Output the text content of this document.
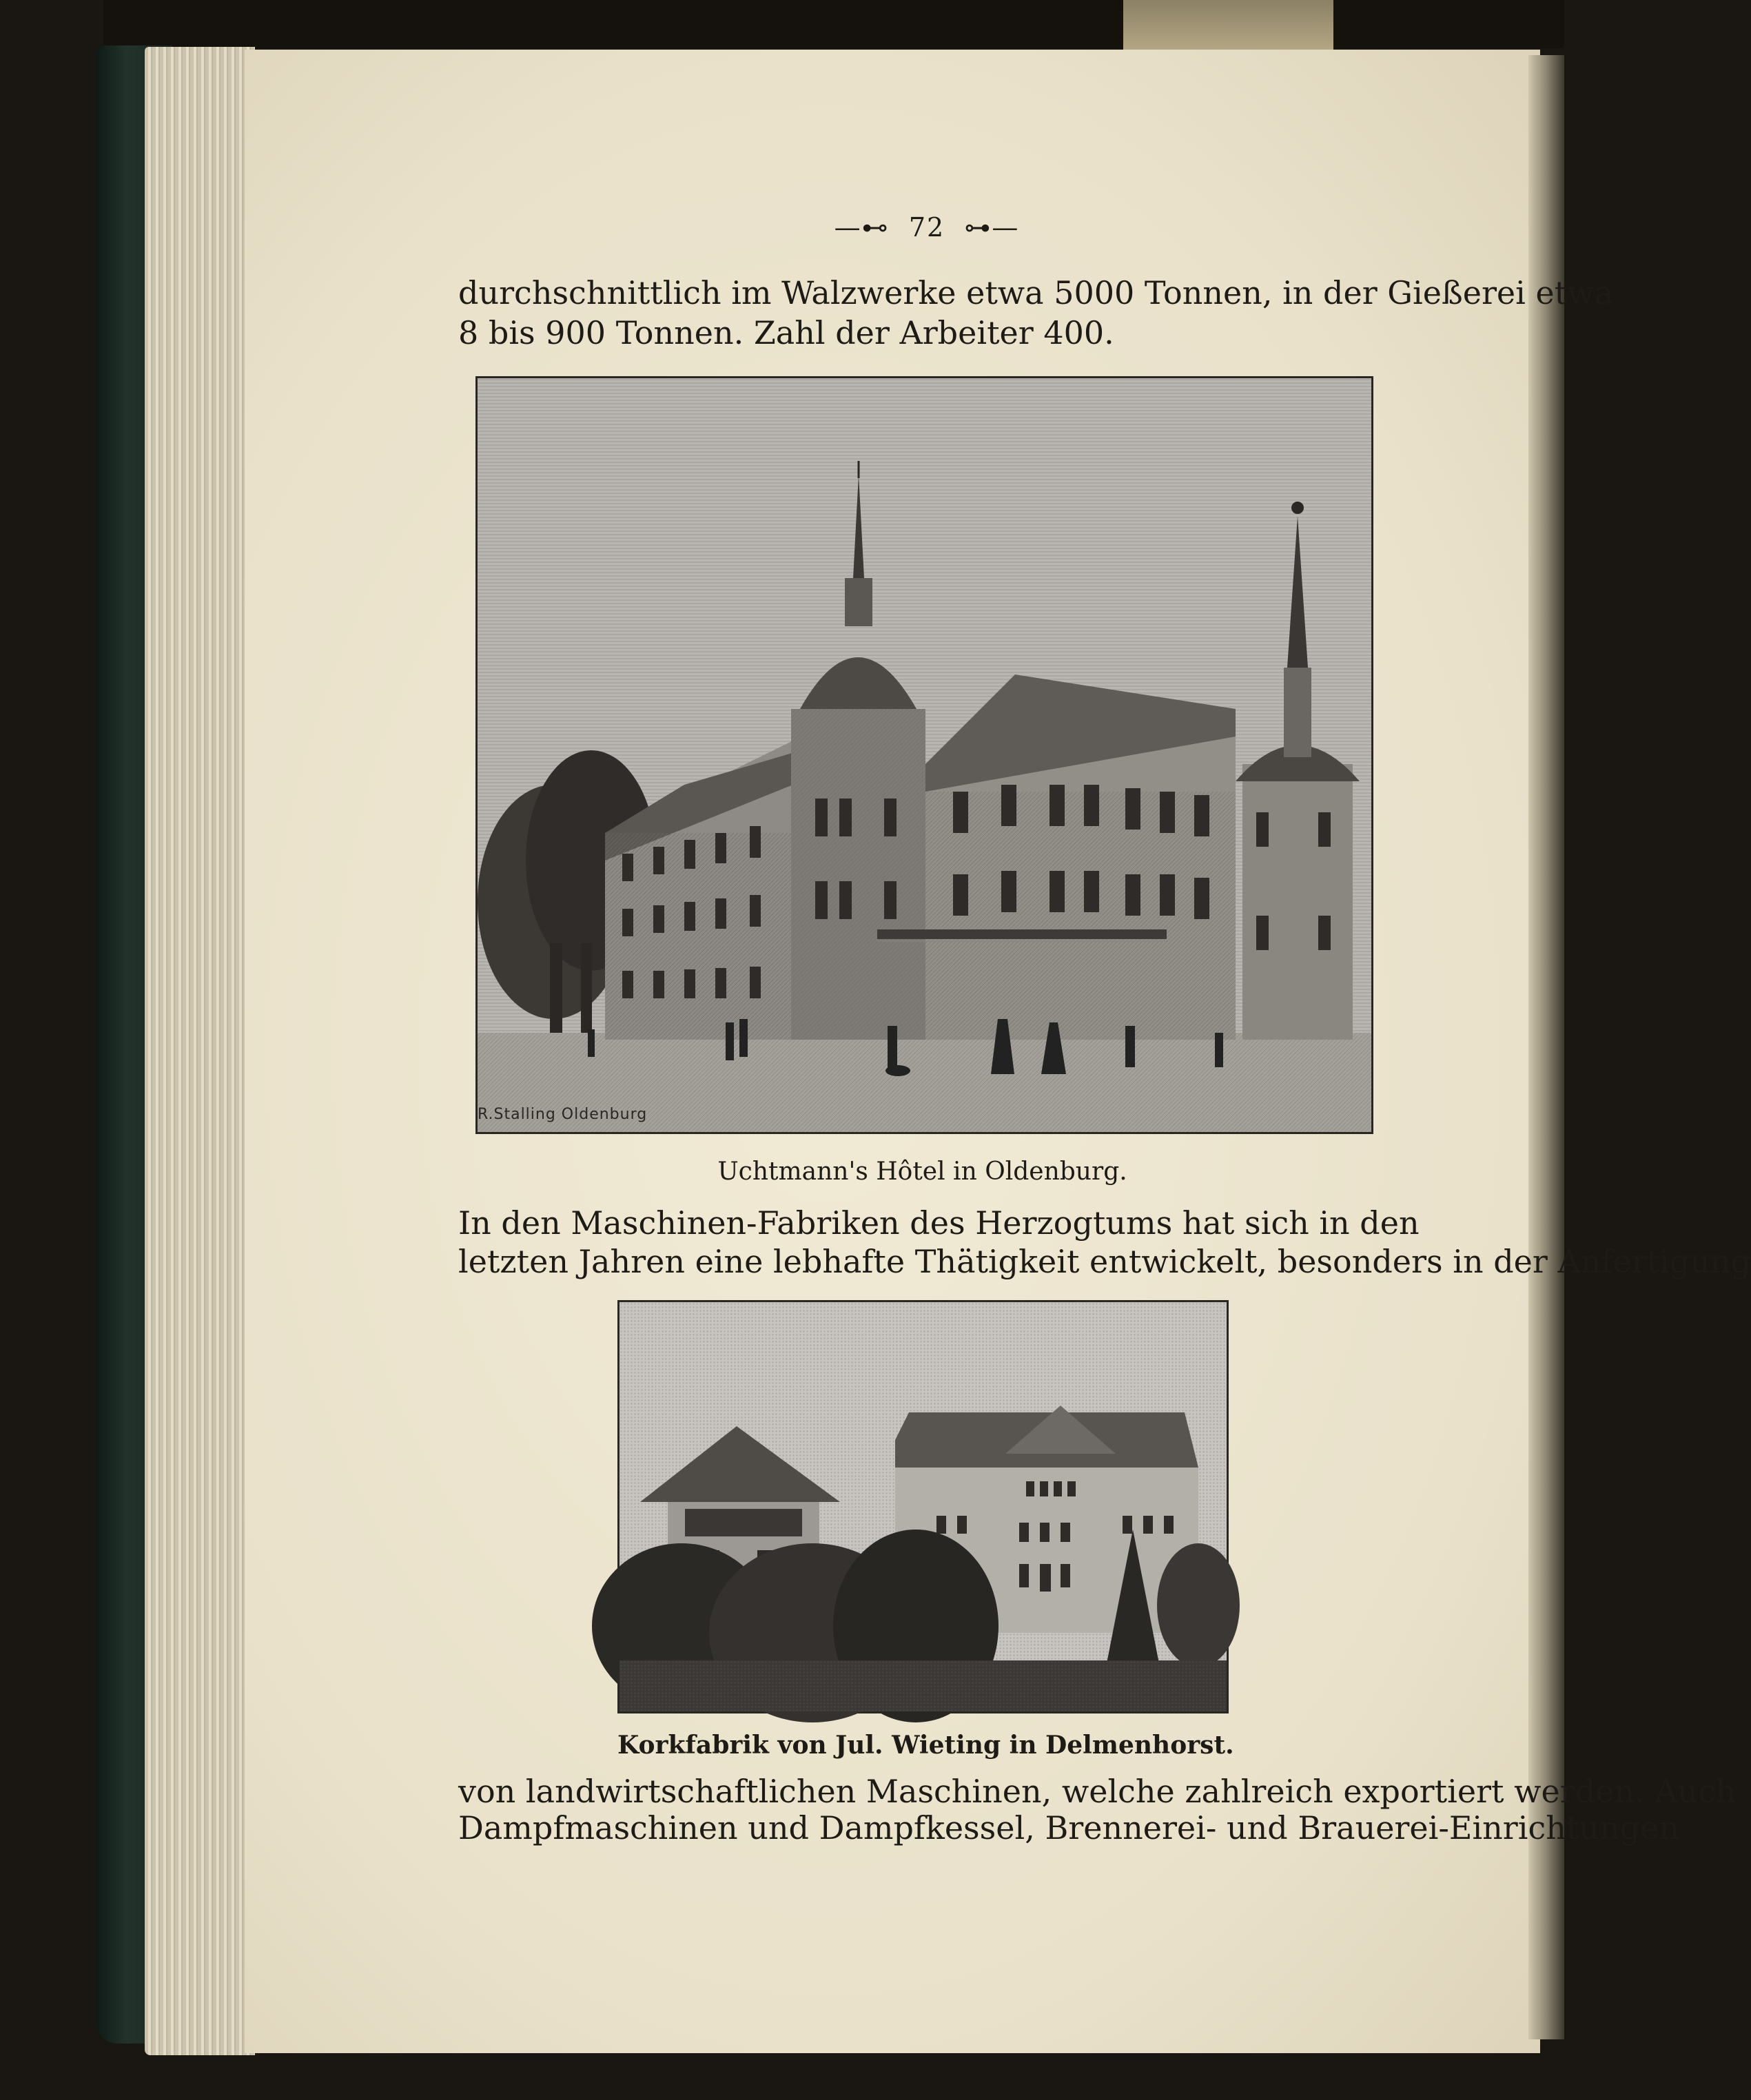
—⊷ 72 ⊶—
durchschnittlich im Walzwerke etwa 5000 Tonnen, in der Gießerei etwa
8 bis 900 Tonnen. Zahl der Arbeiter 400.
R.Stalling Oldenburg
Uchtmann's Hôtel in Oldenburg.
In den Maschinen-Fabriken des Herzogtums hat sich in den
letzten Jahren eine lebhafte Thätigkeit entwickelt, besonders in der Anfertigung
Korkfabrik von Jul. Wieting in Delmenhorst.
von landwirtschaftlichen Maschinen, welche zahlreich exportiert werden. Auch
Dampfmaschinen und Dampfkessel, Brennerei- und Brauerei-Einrichtungen
